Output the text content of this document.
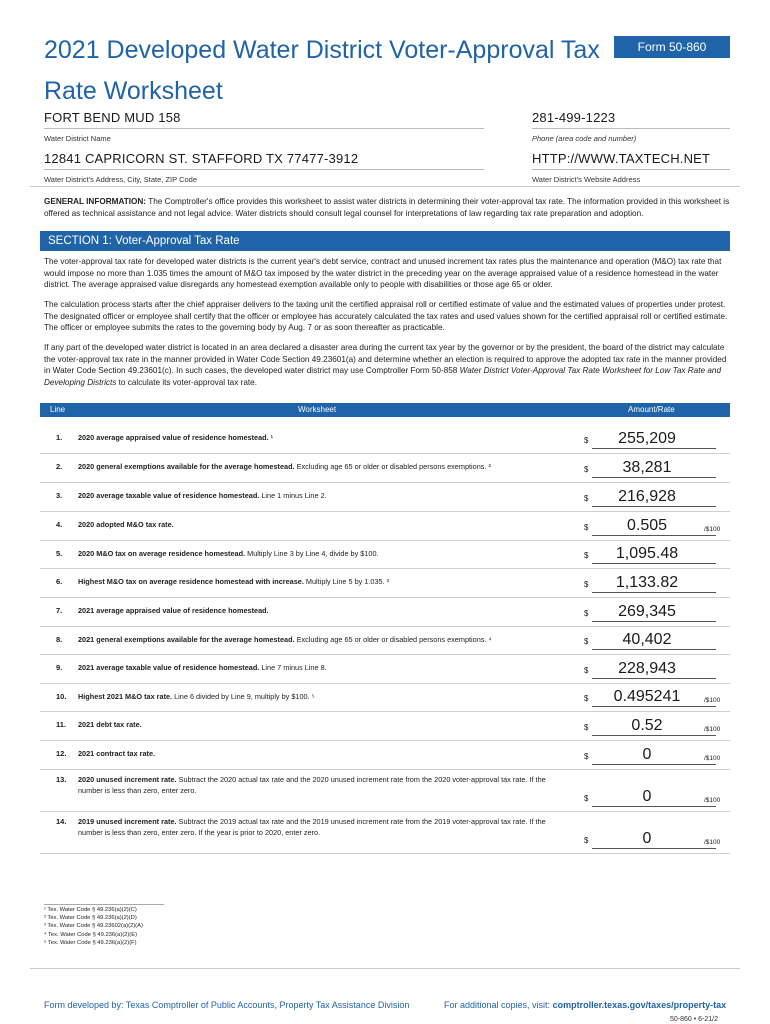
2021 Developed Water District Voter-Approval Tax Rate Worksheet
Form 50-860
FORT BEND MUD 158
Water District Name
281-499-1223
Phone (area code and number)
12841 CAPRICORN ST. STAFFORD TX 77477-3912
Water District's Address, City, State, ZIP Code
HTTP://WWW.TAXTECH.NET
Water District's Website Address
GENERAL INFORMATION: The Comptroller's office provides this worksheet to assist water districts in determining their voter-approval tax rate. The information provided in this worksheet is offered as technical assistance and not legal advice. Water districts should consult legal counsel for interpretations of law regarding tax rate preparation and adoption.
SECTION 1: Voter-Approval Tax Rate
The voter-approval tax rate for developed water districts is the current year's debt service, contract and unused increment tax rates plus the maintenance and operation (M&O) tax rate that would impose no more than 1.035 times the amount of M&O tax imposed by the water district in the preceding year on the average appraised value of a residence homestead in the water district. The average appraised value disregards any homestead exemption available only to people with disabilities or those age 65 or older.
The calculation process starts after the chief appraiser delivers to the taxing unit the certified appraisal roll or certified estimate of value and the estimated values of properties under protest. The designated officer or employee shall certify that the officer or employee has accurately calculated the tax rates and used values shown for the certified appraisal roll or certified estimate. The officer or employee submits the rates to the governing body by Aug. 7 or as soon thereafter as practicable.
If any part of the developed water district is located in an area declared a disaster area during the current tax year by the governor or by the president, the board of the district may calculate the voter-approval tax rate in the manner provided in Water Code Section 49.23601(a) and determine whether an election is required to approve the adopted tax rate in the manner provided in Water Code Section 49.23601(c). In such cases, the developed water district may use Comptroller Form 50-858 Water District Voter-Approval Tax Rate Worksheet for Low Tax Rate and Developing Districts to calculate its voter-approval tax rate.
Line	Worksheet	Amount/Rate
1. 2020 average appraised value of residence homestead. ¹	$	255,209
2. 2020 general exemptions available for the average homestead. Excluding age 65 or older or disabled persons exemptions. ²	$	38,281
3. 2020 average taxable value of residence homestead. Line 1 minus Line 2.	$	216,928
4. 2020 adopted M&O tax rate.	$	0.505	/$100
5. 2020 M&O tax on average residence homestead. Multiply Line 3 by Line 4, divide by $100.	$	1,095.48
6. Highest M&O tax on average residence homestead with increase. Multiply Line 5 by 1.035. ³	$	1,133.82
7. 2021 average appraised value of residence homestead.	$	269,345
8. 2021 general exemptions available for the average homestead. Excluding age 65 or older or disabled persons exemptions. ⁴	$	40,402
9. 2021 average taxable value of residence homestead. Line 7 minus Line 8.	$	228,943
10. Highest 2021 M&O tax rate. Line 6 divided by Line 9, multiply by $100. ⁵	$	0.495241	/$100
11. 2021 debt tax rate.	$	0.52	/$100
12. 2021 contract tax rate.	$	0	/$100
13. 2020 unused increment rate. Subtract the 2020 actual tax rate and the 2020 unused increment rate from the 2020 voter-approval tax rate. If the number is less than zero, enter zero.
$	0	/$100
14. 2019 unused increment rate. Subtract the 2019 actual tax rate and the 2019 unused increment rate from the 2019 voter-approval tax rate. If the number is less than zero, enter zero. If the year is prior to 2020, enter zero.
$	0	/$100
¹ Tex. Water Code § 49.236(a)(2)(C)
² Tex. Water Code § 49.236(a)(2)(D)
³ Tex. Water Code § 49.23602(a)(2)(A)
⁴ Tex. Water Code § 49.236(a)(2)(E)
⁵ Tex. Water Code § 49.236(a)(2)(F)
Form developed by: Texas Comptroller of Public Accounts, Property Tax Assistance Division	For additional copies, visit: comptroller.texas.gov/taxes/property-tax
50-860 • 6-21/2
